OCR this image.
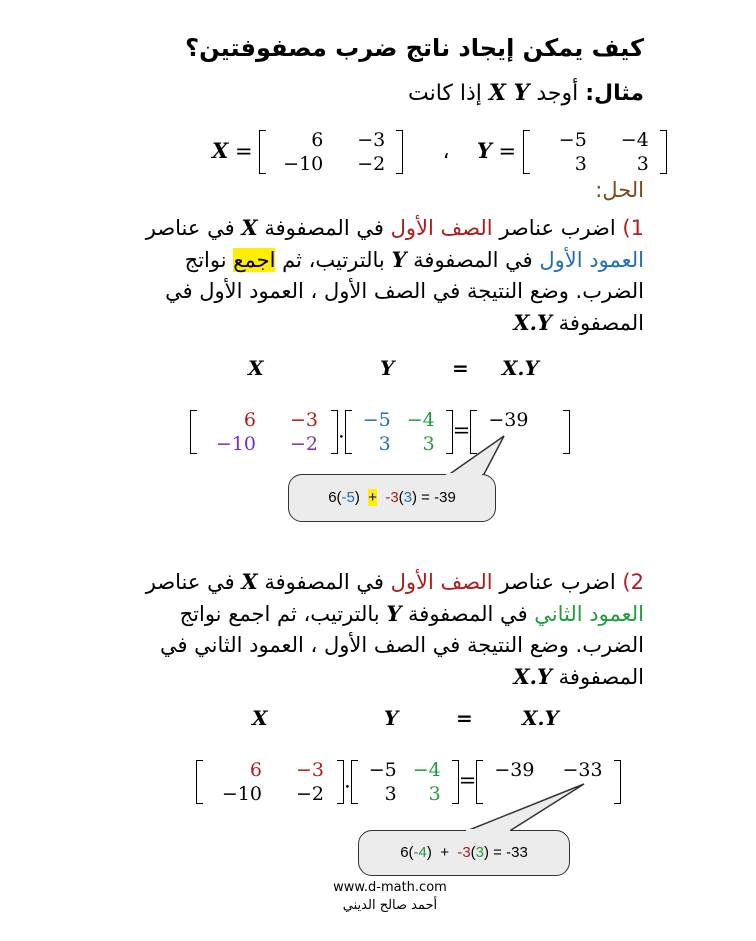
كيف يمكن إيجاد ناتج ضرب مصفوفتين؟
مثال: أوجد X Y إذا كانت
X =	6	−3
−10	−2
، Y = −5	−4
3	3
الحل:
1) اضرب عناصر الصف الأول في المصفوفة X في عناصر
العمود الأول في المصفوفة Y بالترتيب، ثم اجمع نواتج
الضرب. وضع النتيجة في الصف الأول ، العمود الأول في
المصفوفة X.Y
X	Y	= X.Y
6	−3
−10	−2
. −5	−4
3	3
= −39

6(-5) + -3(3) = -39
2) اضرب عناصر الصف الأول في المصفوفة X في عناصر
العمود الثاني في المصفوفة Y بالترتيب، ثم اجمع نواتج
الضرب. وضع النتيجة في الصف الأول ، العمود الثاني في
المصفوفة X.Y
X	Y	= X.Y
6	−3
−10	−2
. −5	−4
3	3
= −39	−33

6(-4) + -3(3) = -33
www.d-math.com
أحمد صالح الديني
